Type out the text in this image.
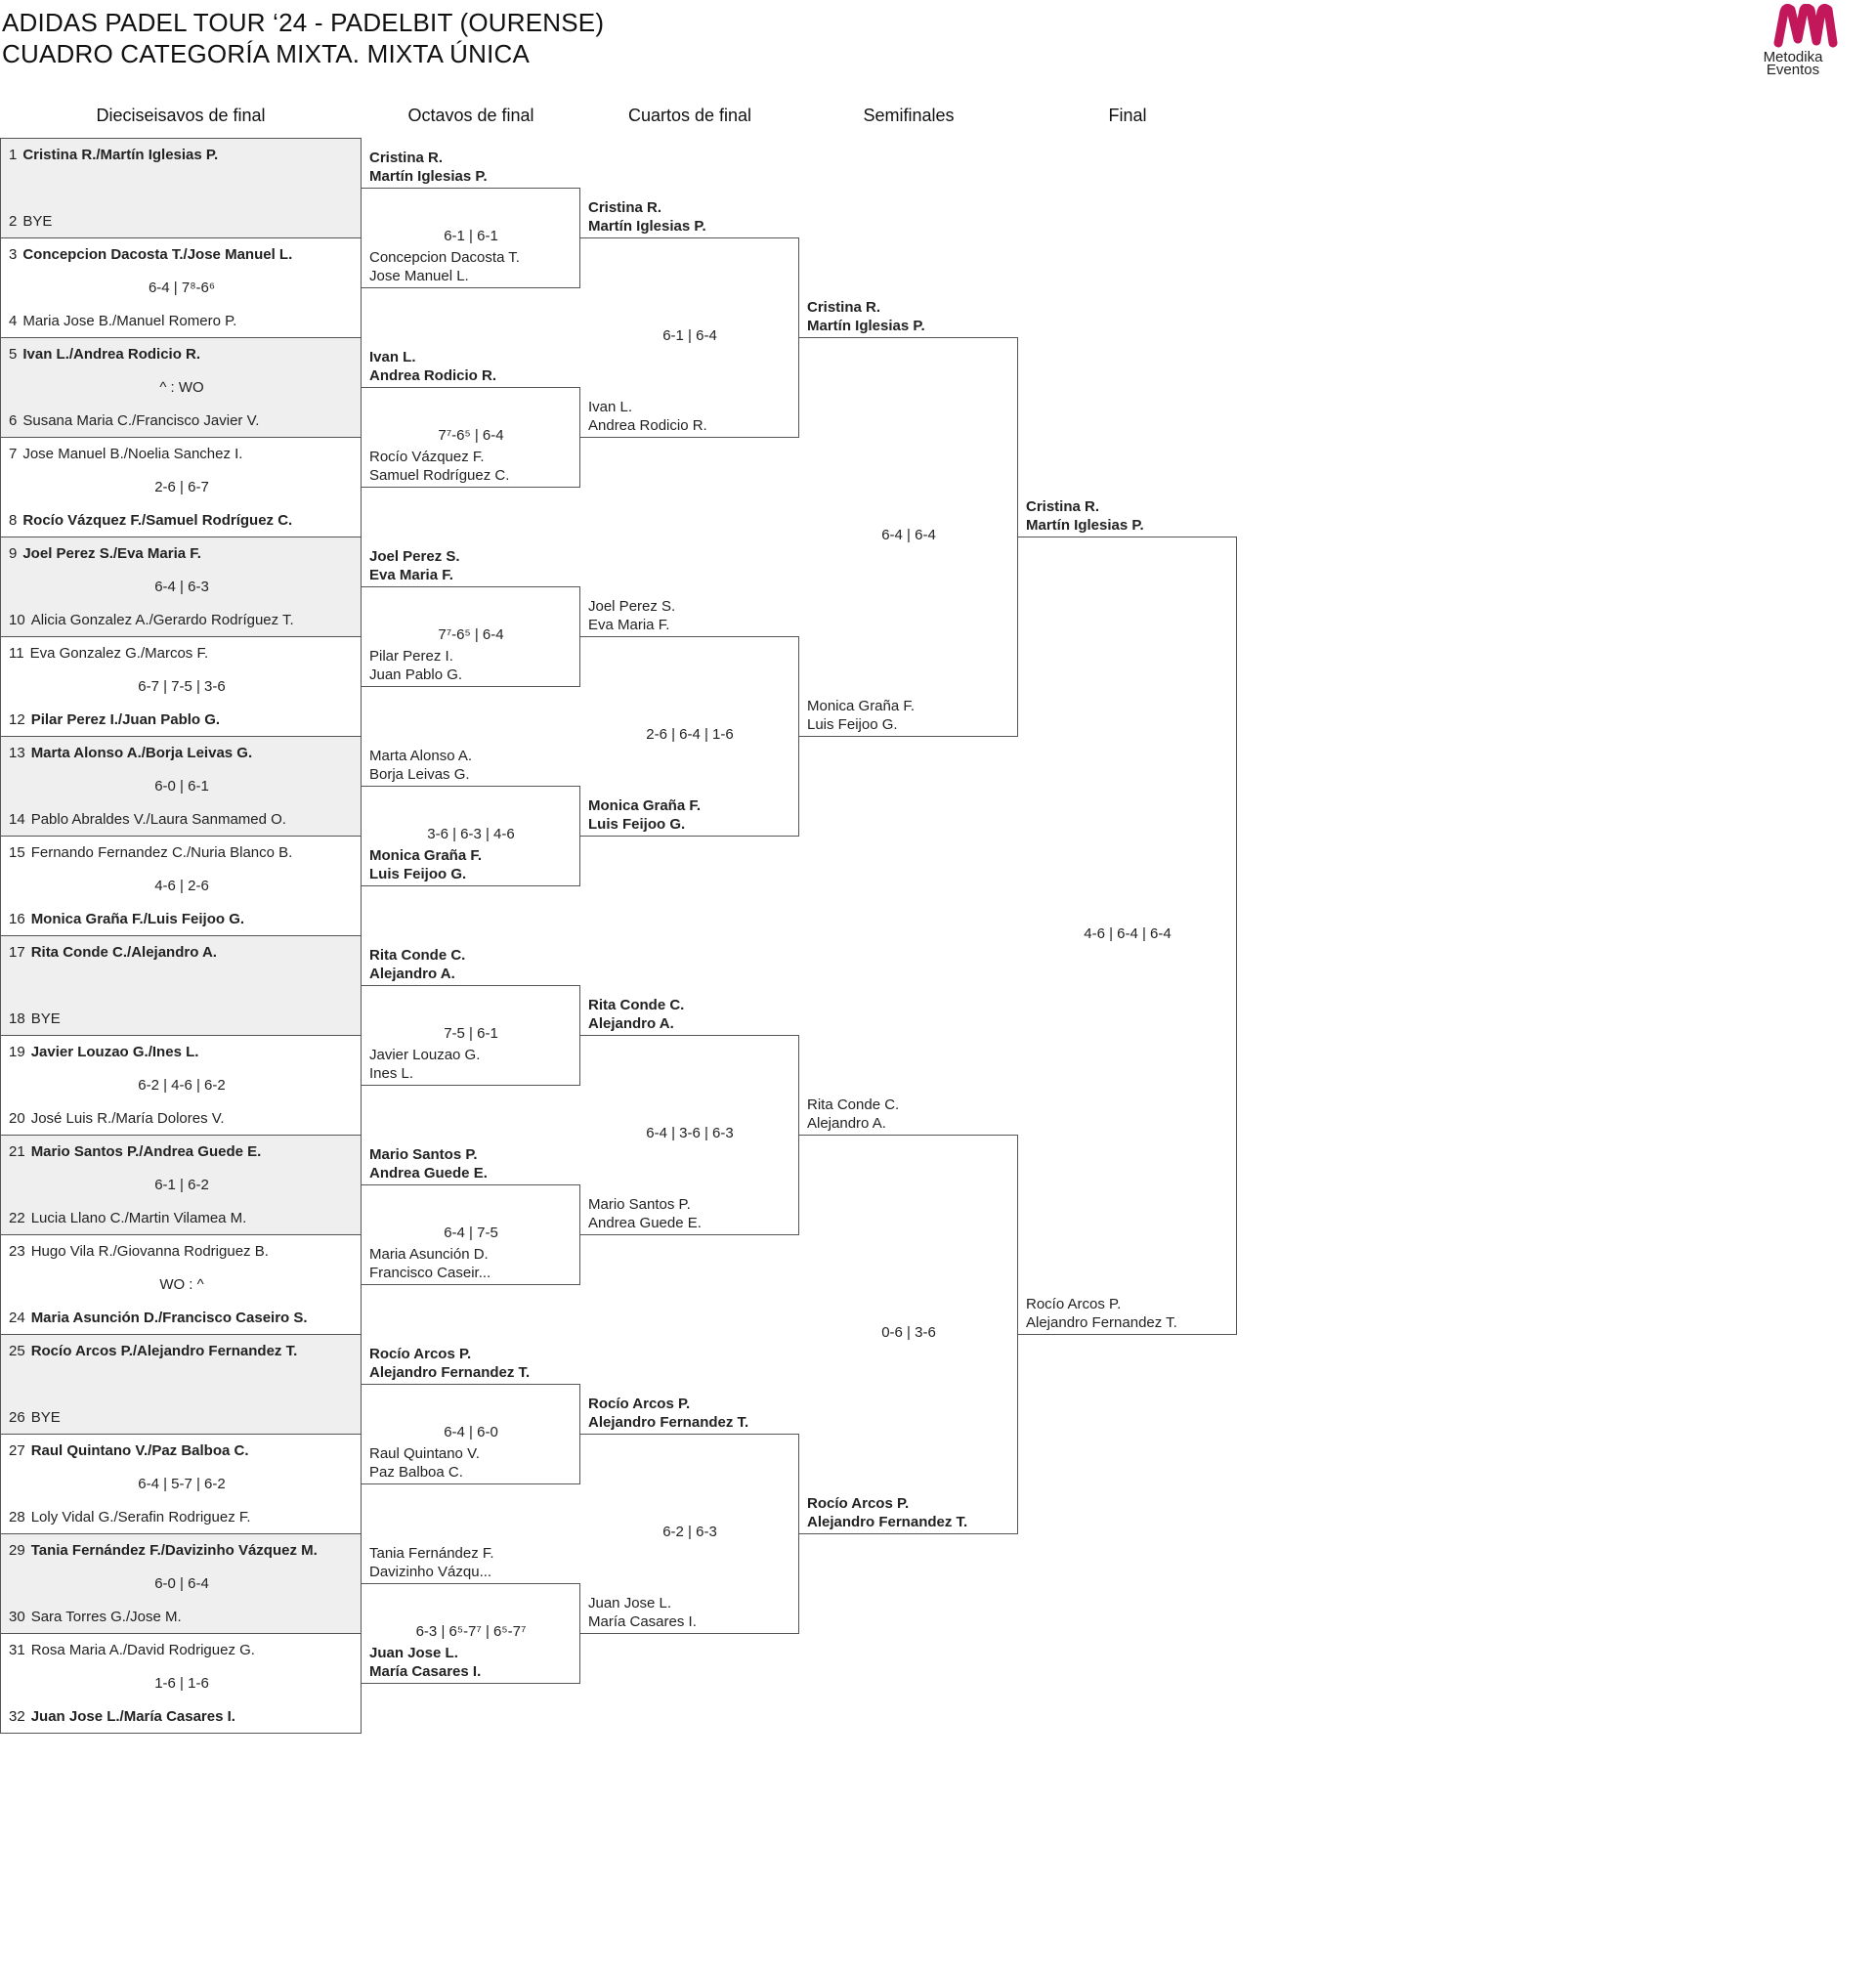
ADIDAS PADEL TOUR ‘24 - PADELBIT (OURENSE)
CUADRO CATEGORÍA MIXTA. MIXTA ÚNICA	Metodika
Eventos
Dieciseisavos de final	Octavos de final	Cuartos de final	Semifinales	Final
1 Cristina R./Martín Iglesias P.
2 BYE
3 Concepcion Dacosta T./Jose Manuel L.
6-4 | 7⁸-6⁶
4 Maria Jose B./Manuel Romero P.
5 Ivan L./Andrea Rodicio R.
^ : WO
6 Susana Maria C./Francisco Javier V.
7 Jose Manuel B./Noelia Sanchez I.
2-6 | 6-7
8 Rocío Vázquez F./Samuel Rodríguez C.
9 Joel Perez S./Eva Maria F.
6-4 | 6-3
10 Alicia Gonzalez A./Gerardo Rodríguez T.
11 Eva Gonzalez G./Marcos F.
6-7 | 7-5 | 3-6
12 Pilar Perez I./Juan Pablo G.
13 Marta Alonso A./Borja Leivas G.
6-0 | 6-1
14 Pablo Abraldes V./Laura Sanmamed O.
15 Fernando Fernandez C./Nuria Blanco B.
4-6 | 2-6
16 Monica Graña F./Luis Feijoo G.
17 Rita Conde C./Alejandro A.
18 BYE
19 Javier Louzao G./Ines L.
6-2 | 4-6 | 6-2
20 José Luis R./María Dolores V.
21 Mario Santos P./Andrea Guede E.
6-1 | 6-2
22 Lucia Llano C./Martin Vilamea M.
23 Hugo Vila R./Giovanna Rodriguez B.
WO : ^
24 Maria Asunción D./Francisco Caseiro S.
25 Rocío Arcos P./Alejandro Fernandez T.
26 BYE
27 Raul Quintano V./Paz Balboa C.
6-4 | 5-7 | 6-2
28 Loly Vidal G./Serafin Rodriguez F.
29 Tania Fernández F./Davizinho Vázquez M.
6-0 | 6-4
30 Sara Torres G./Jose M.
31 Rosa Maria A./David Rodriguez G.
1-6 | 1-6
32 Juan Jose L./María Casares I.
Cristina R.
Martín Iglesias P.
Concepcion Dacosta T.
Jose Manuel L.
6-1 | 6-1
Ivan L.
Andrea Rodicio R.
Rocío Vázquez F.
Samuel Rodríguez C.
7⁷-6⁵ | 6-4
Joel Perez S.
Eva Maria F.
Pilar Perez I.
Juan Pablo G.
7⁷-6⁵ | 6-4
Marta Alonso A.
Borja Leivas G.
Monica Graña F.
Luis Feijoo G.
3-6 | 6-3 | 4-6
Rita Conde C.
Alejandro A.
Javier Louzao G.
Ines L.
7-5 | 6-1
Mario Santos P.
Andrea Guede E.
Maria Asunción D.
Francisco Caseir...
6-4 | 7-5
Rocío Arcos P.
Alejandro Fernandez T.
Raul Quintano V.
Paz Balboa C.
6-4 | 6-0
Tania Fernández F.
Davizinho Vázqu...
Juan Jose L.
María Casares I.
6-3 | 6⁵-7⁷ | 6⁵-7⁷
Cristina R.
Martín Iglesias P.
Ivan L.
Andrea Rodicio R.
6-1 | 6-4
Joel Perez S.
Eva Maria F.
Monica Graña F.
Luis Feijoo G.
2-6 | 6-4 | 1-6
Rita Conde C.
Alejandro A.
Mario Santos P.
Andrea Guede E.
6-4 | 3-6 | 6-3
Rocío Arcos P.
Alejandro Fernandez T.
Juan Jose L.
María Casares I.
6-2 | 6-3
Cristina R.
Martín Iglesias P.
Monica Graña F.
Luis Feijoo G.
6-4 | 6-4
Rita Conde C.
Alejandro A.
Rocío Arcos P.
Alejandro Fernandez T.
0-6 | 3-6
Cristina R.
Martín Iglesias P.
Rocío Arcos P.
Alejandro Fernandez T.
4-6 | 6-4 | 6-4
